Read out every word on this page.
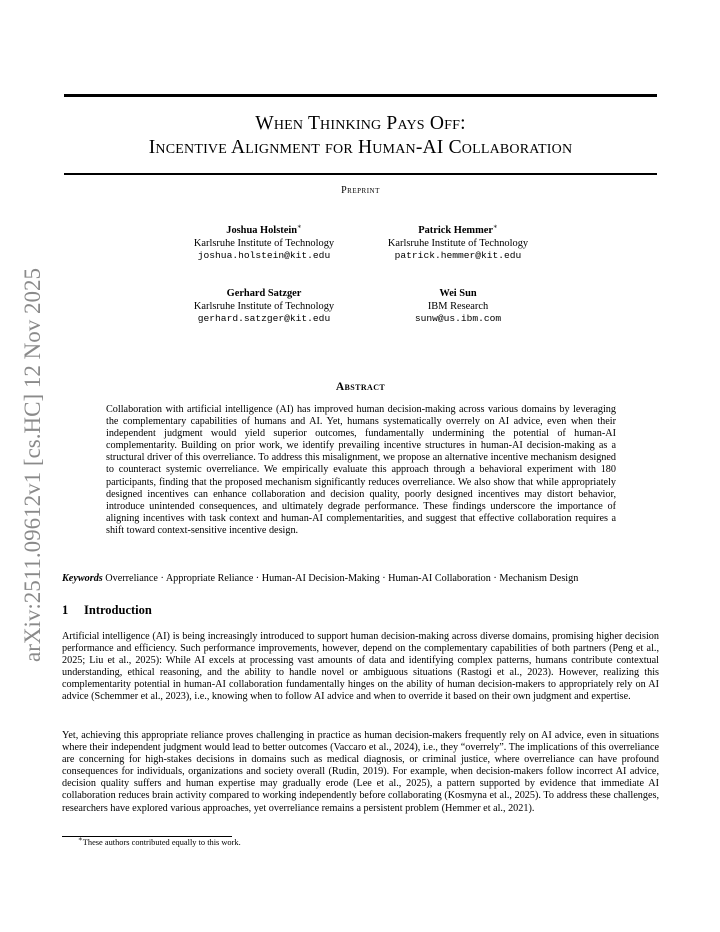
arXiv:2511.09612v1 [cs.HC] 12 Nov 2025
When Thinking Pays Off:
Incentive Alignment for Human-AI Collaboration
Preprint
Joshua Holstein∗
Karlsruhe Institute of Technology
joshua.holstein@kit.edu
Patrick Hemmer∗
Karlsruhe Institute of Technology
patrick.hemmer@kit.edu
Gerhard Satzger
Karlsruhe Institute of Technology
gerhard.satzger@kit.edu
Wei Sun
IBM Research
sunw@us.ibm.com
Abstract
Collaboration with artificial intelligence (AI) has improved human decision-making across various domains by leveraging the complementary capabilities of humans and AI. Yet, humans systematically overrely on AI advice, even when their independent judgment would yield superior outcomes, fundamentally undermining the potential of human-AI complementarity. Building on prior work, we identify prevailing incentive structures in human-AI decision-making as a structural driver of this overreliance. To address this misalignment, we propose an alternative incentive mechanism designed to counteract systemic overreliance. We empirically evaluate this approach through a behavioral experiment with 180 participants, finding that the proposed mechanism significantly reduces overreliance. We also show that while appropriately designed incentives can enhance collaboration and decision quality, poorly designed incentives may distort behavior, introduce unintended consequences, and ultimately degrade performance. These findings underscore the importance of aligning incentives with task context and human-AI complementarities, and suggest that effective collaboration requires a shift toward context-sensitive incentive design.
Keywords Overreliance · Appropriate Reliance · Human-AI Decision-Making · Human-AI Collaboration · Mechanism Design
1 Introduction
Artificial intelligence (AI) is being increasingly introduced to support human decision-making across diverse domains, promising higher decision performance and efficiency. Such performance improvements, however, depend on the complementary capabilities of both partners (Peng et al., 2025; Liu et al., 2025): While AI excels at processing vast amounts of data and identifying complex patterns, humans contribute contextual understanding, ethical reasoning, and the ability to handle novel or ambiguous situations (Rastogi et al., 2023). However, realizing this complementarity potential in human-AI collaboration fundamentally hinges on the ability of human decision-makers to appropriately rely on AI advice (Schemmer et al., 2023), i.e., knowing when to follow AI advice and when to override it based on their own judgment and expertise.
Yet, achieving this appropriate reliance proves challenging in practice as human decision-makers frequently rely on AI advice, even in situations where their independent judgment would lead to better outcomes (Vaccaro et al., 2024), i.e., they “overrely”. The implications of this overreliance are concerning for high-stakes decisions in domains such as medical diagnosis, or criminal justice, where overreliance can have profound consequences for individuals, organizations and society overall (Rudin, 2019). For example, when decision-makers follow incorrect AI advice, decision quality suffers and human expertise may gradually erode (Lee et al., 2025), a pattern supported by evidence that immediate AI collaboration reduces brain activity compared to working independently before collaborating (Kosmyna et al., 2025). To address these challenges, researchers have explored various approaches, yet overreliance remains a persistent problem (Hemmer et al., 2021).
∗These authors contributed equally to this work.
